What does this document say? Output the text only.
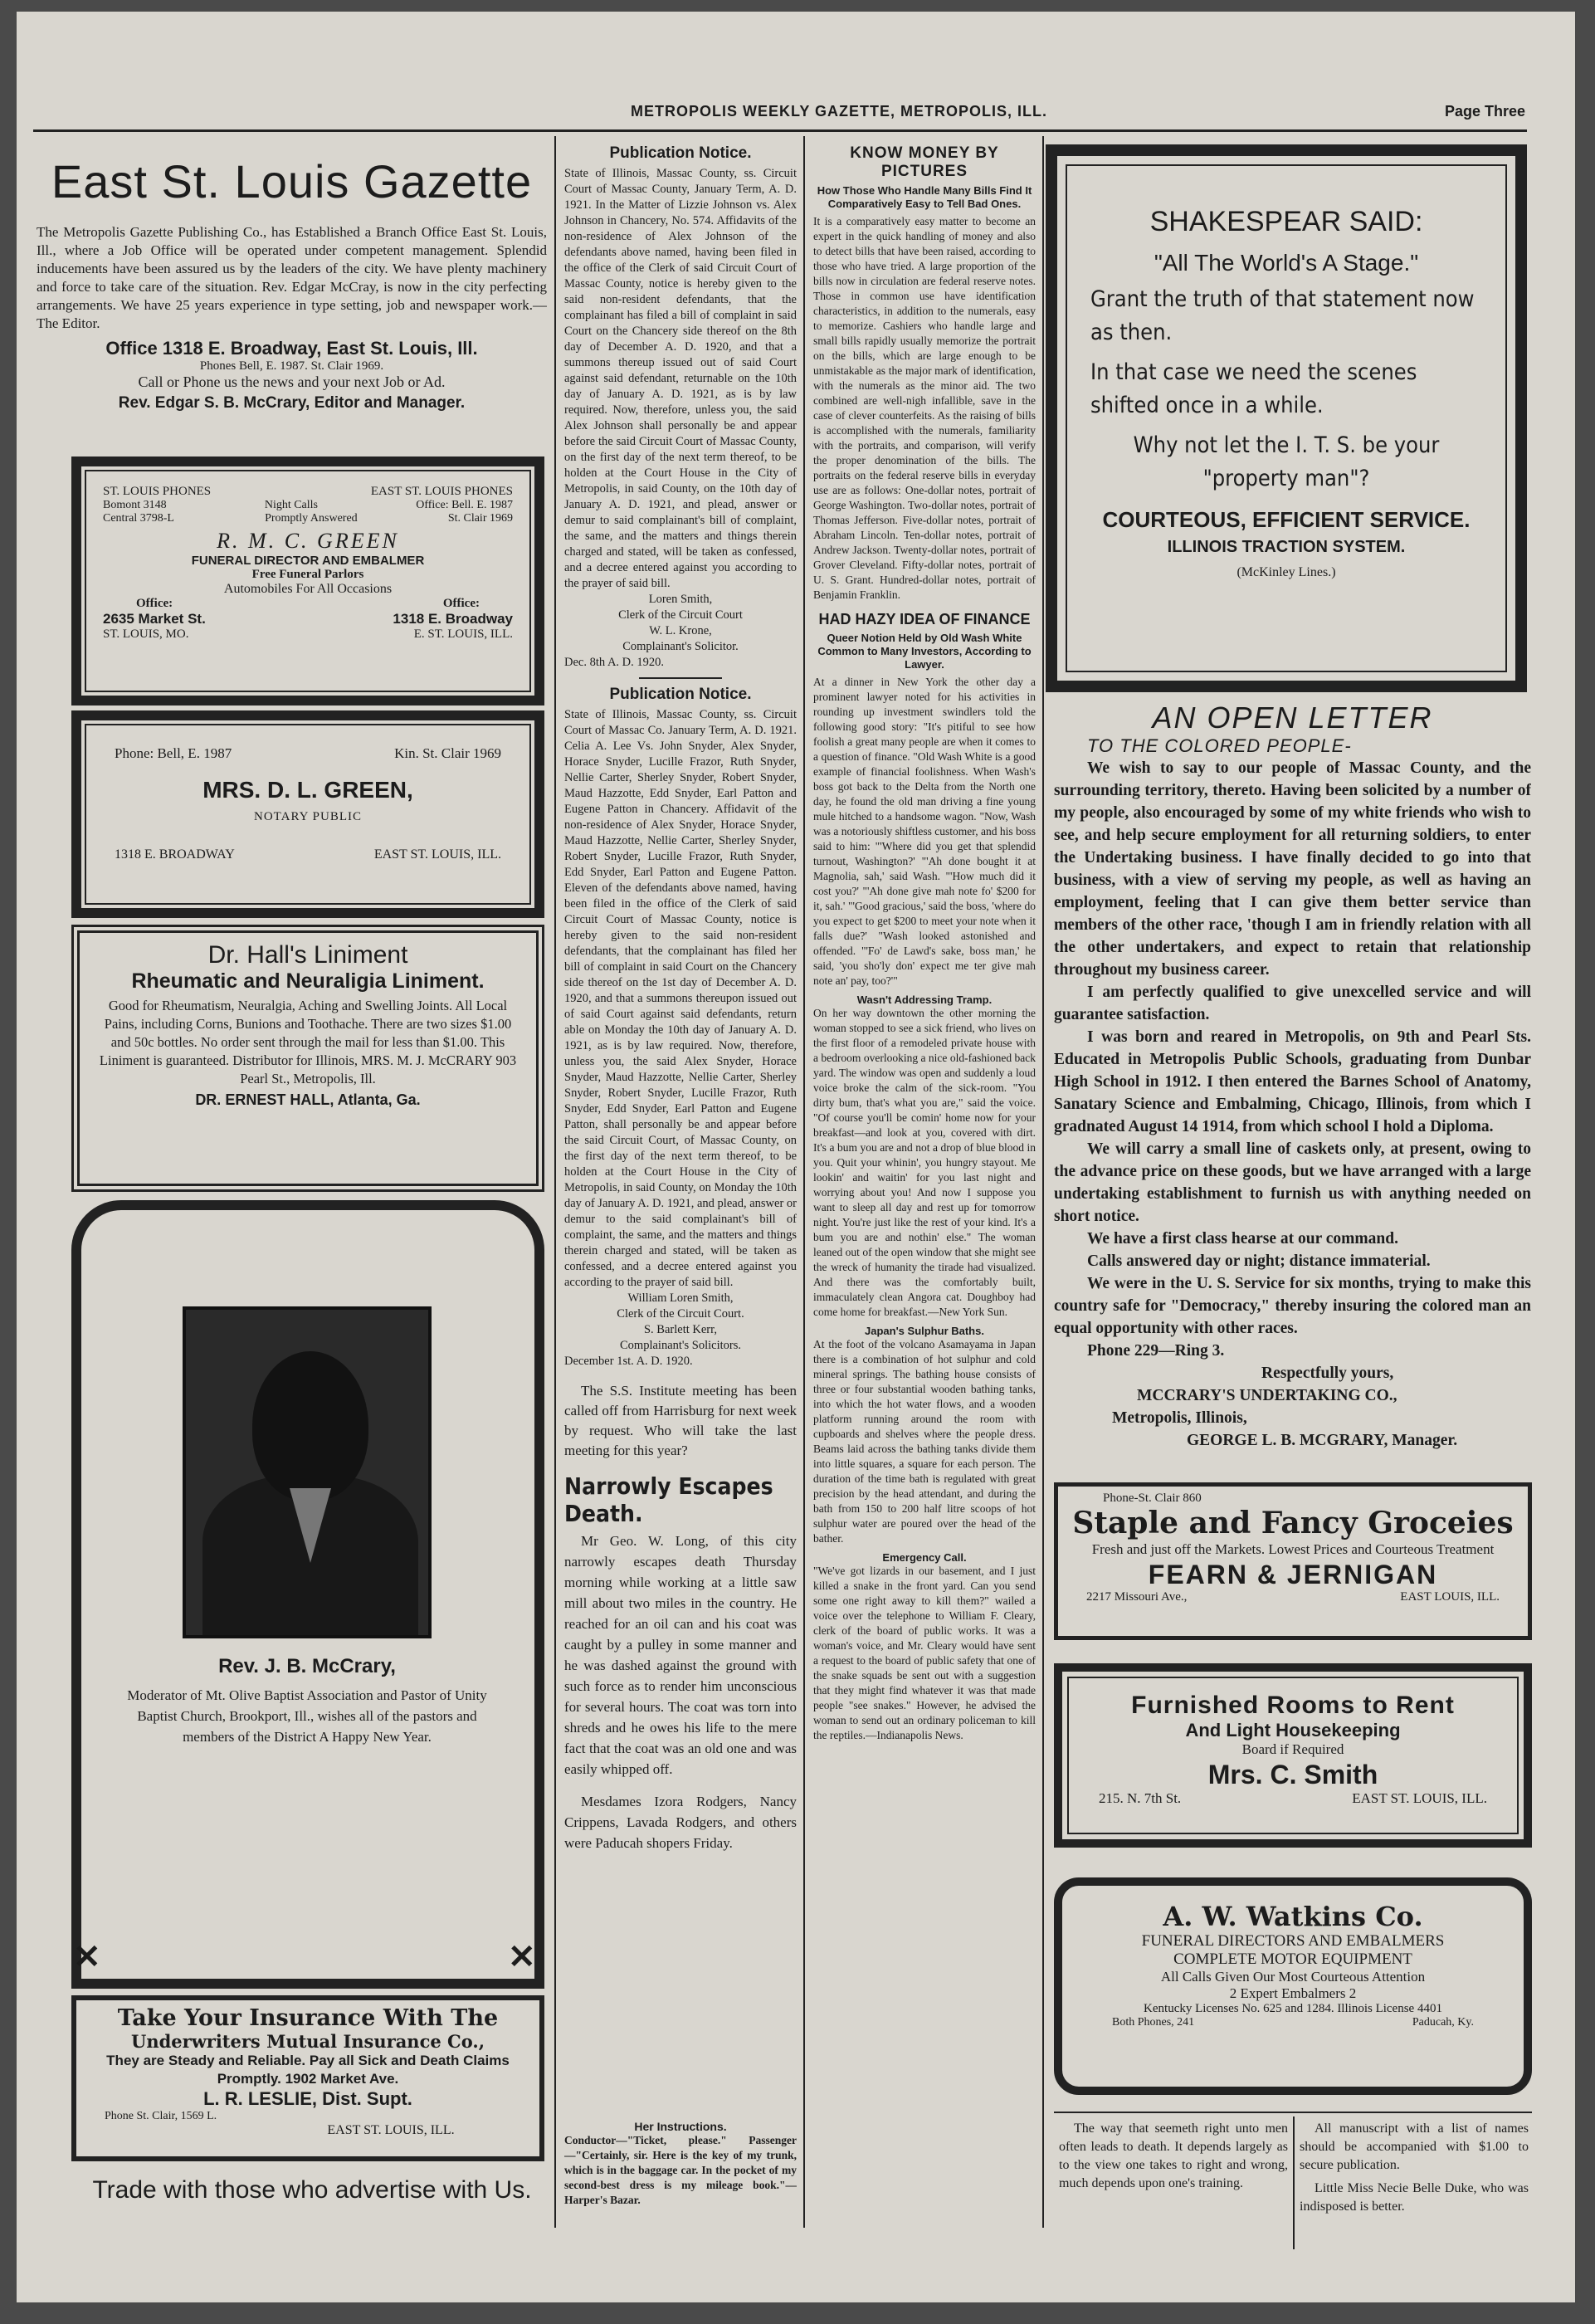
METROPOLIS WEEKLY GAZETTE, METROPOLIS, ILL.	Page Three
East St. Louis Gazette
The Metropolis Gazette Publishing Co., has Established a Branch Office East St. Louis, Ill., where a Job Office will be operated under competent management. Splendid inducements have been assured us by the leaders of the city. We have plenty machinery and force to take care of the situation. Rev. Edgar McCray, is now in the city perfecting arrangements. We have 25 years experience in type setting, job and newspaper work.—The Editor.
Office 1318 E. Broadway, East St. Louis, Ill.
Phones Bell, E. 1987. St. Clair 1969.
Call or Phone us the news and your next Job or Ad.
Rev. Edgar S. B. McCrary, Editor and Manager.
ST. LOUIS PHONES	EAST ST. LOUIS PHONES
Bomont 3148	Night Calls	Office: Bell. E. 1987
Central 3798-L	Promptly Answered	St. Clair 1969
R. M. C. GREEN
FUNERAL DIRECTOR AND EMBALMER
Free Funeral Parlors
Automobiles For All Occasions
Office:	Office:
2635 Market St.	1318 E. Broadway
ST. LOUIS, MO.	E. ST. LOUIS, ILL.
Phone: Bell, E. 1987	Kin. St. Clair 1969
MRS. D. L. GREEN,
NOTARY PUBLIC
1318 E. BROADWAY	EAST ST. LOUIS, ILL.
Dr. Hall's Liniment
Rheumatic and Neuraligia Liniment.
Good for Rheumatism, Neuralgia, Aching and Swelling Joints. All Local Pains, including Corns, Bunions and Toothache. There are two sizes $1.00 and 50c bottles. No order sent through the mail for less than $1.00. This Liniment is guaranteed. Distributor for Illinois, MRS. M. J. McCRARY 903 Pearl St., Metropolis, Ill.
DR. ERNEST HALL, Atlanta, Ga.
✕	✕
Rev. J. B. McCrary,
Moderator of Mt. Olive Baptist Association and Pastor of Unity Baptist Church, Brookport, Ill., wishes all of the pastors and members of the District A Happy New Year.
Take Your Insurance With The
Underwriters Mutual Insurance Co.,
They are Steady and Reliable. Pay all Sick and Death Claims Promptly. 1902 Market Ave.
L. R. LESLIE, Dist. Supt.
Phone St. Clair, 1569 L.
EAST ST. LOUIS, ILL.
Trade with those who advertise with Us.
Publication Notice.
State of Illinois, Massac County, ss. Circuit Court of Massac County, January Term, A. D. 1921. In the Matter of Lizzie Johnson vs. Alex Johnson in Chancery, No. 574. Affidavits of the non-residence of Alex Johnson of the defendants above named, having been filed in the office of the Clerk of said Circuit Court of Massac County, notice is hereby given to the said non-resident defendants, that the complainant has filed a bill of complaint in said Court on the Chancery side thereof on the 8th day of December A. D. 1920, and that a summons thereup issued out of said Court against said defendant, returnable on the 10th day of January A. D. 1921, as is by law required. Now, therefore, unless you, the said Alex Johnson shall personally be and appear before the said Circuit Court of Massac County, on the first day of the next term thereof, to be holden at the Court House in the City of Metropolis, in said County, on the 10th day of January A. D. 1921, and plead, answer or demur to said complainant's bill of complaint, the same, and the matters and things therein charged and stated, will be taken as confessed, and a decree entered against you according to the prayer of said bill.
Loren Smith,
Clerk of the Circuit Court
W. L. Krone,
Complainant's Solicitor.
Dec. 8th A. D. 1920.
Publication Notice.
State of Illinois, Massac County, ss. Circuit Court of Massac Co. January Term, A. D. 1921. Celia A. Lee Vs. John Snyder, Alex Snyder, Horace Snyder, Lucille Frazor, Ruth Snyder, Nellie Carter, Sherley Snyder, Robert Snyder, Maud Hazzotte, Edd Snyder, Earl Patton and Eugene Patton in Chancery. Affidavit of the non-residence of Alex Snyder, Horace Snyder, Maud Hazzotte, Nellie Carter, Sherley Snyder, Robert Snyder, Lucille Frazor, Ruth Snyder, Edd Snyder, Earl Patton and Eugene Patton. Eleven of the defendants above named, having been filed in the office of the Clerk of said Circuit Court of Massac County, notice is hereby given to the said non-resident defendants, that the complainant has filed her bill of complaint in said Court on the Chancery side thereof on the 1st day of December A. D. 1920, and that a summons thereupon issued out of said Court against said defendants, return able on Monday the 10th day of January A. D. 1921, as is by law required. Now, therefore, unless you, the said Alex Snyder, Horace Snyder, Maud Hazzotte, Nellie Carter, Sherley Snyder, Robert Snyder, Lucille Frazor, Ruth Snyder, Edd Snyder, Earl Patton and Eugene Patton, shall personally be and appear before the said Circuit Court, of Massac County, on the first day of the next term thereof, to be holden at the Court House in the City of Metropolis, in said County, on Monday the 10th day of January A. D. 1921, and plead, answer or demur to the said complainant's bill of complaint, the same, and the matters and things therein charged and stated, will be taken as confessed, and a decree entered against you according to the prayer of said bill.
William Loren Smith,
Clerk of the Circuit Court.
S. Barlett Kerr,
Complainant's Solicitors.
December 1st. A. D. 1920.
The S.S. Institute meeting has been called off from Harrisburg for next week by request. Who will take the last meeting for this year?
Narrowly Escapes Death.
Mr Geo. W. Long, of this city narrowly escapes death Thursday morning while working at a little saw mill about two miles in the country. He reached for an oil can and his coat was caught by a pulley in some manner and he was dashed against the ground with such force as to render him unconscious for several hours. The coat was torn into shreds and he owes his life to the mere fact that the coat was an old one and was easily whipped off.
Mesdames Izora Rodgers, Nancy Crippens, Lavada Rodgers, and others were Paducah shopers Friday.
Her Instructions.
Conductor—"Ticket, please." Passenger—"Certainly, sir. Here is the key of my trunk, which is in the baggage car. In the pocket of my second-best dress is my mileage book."—Harper's Bazar.
KNOW MONEY BY PICTURES
How Those Who Handle Many Bills Find It Comparatively Easy to Tell Bad Ones.
It is a comparatively easy matter to become an expert in the quick handling of money and also to detect bills that have been raised, according to those who have tried. A large proportion of the bills now in circulation are federal reserve notes. Those in common use have identification characteristics, in addition to the numerals, easy to memorize. Cashiers who handle large and small bills rapidly usually memorize the portrait on the bills, which are large enough to be unmistakable as the major mark of identification, with the numerals as the minor aid. The two combined are well-nigh infallible, save in the case of clever counterfeits. As the raising of bills is accomplished with the numerals, familiarity with the portraits, and comparison, will verify the proper denomination of the bills. The portraits on the federal reserve bills in everyday use are as follows: One-dollar notes, portrait of George Washington. Two-dollar notes, portrait of Thomas Jefferson. Five-dollar notes, portrait of Abraham Lincoln. Ten-dollar notes, portrait of Andrew Jackson. Twenty-dollar notes, portrait of Grover Cleveland. Fifty-dollar notes, portrait of U. S. Grant. Hundred-dollar notes, portrait of Benjamin Franklin.
HAD HAZY IDEA OF FINANCE
Queer Notion Held by Old Wash White Common to Many Investors, According to Lawyer.
At a dinner in New York the other day a prominent lawyer noted for his activities in rounding up investment swindlers told the following good story: "It's pitiful to see how foolish a great many people are when it comes to a question of finance. "Old Wash White is a good example of financial foolishness. When Wash's boss got back to the Delta from the North one day, he found the old man driving a fine young mule hitched to a handsome wagon. "Now, Wash was a notoriously shiftless customer, and his boss said to him: "'Where did you get that splendid turnout, Washington?' "'Ah done bought it at Magnolia, sah,' said Wash. "'How much did it cost you?' "'Ah done give mah note fo' $200 for it, sah.' "'Good gracious,' said the boss, 'where do you expect to get $200 to meet your note when it falls due?' "Wash looked astonished and offended. "'Fo' de Lawd's sake, boss man,' he said, 'you sho'ly don' expect me ter give mah note an' pay, too?'"
Wasn't Addressing Tramp.
On her way downtown the other morning the woman stopped to see a sick friend, who lives on the first floor of a remodeled private house with a bedroom overlooking a nice old-fashioned back yard. The window was open and suddenly a loud voice broke the calm of the sick-room. "You dirty bum, that's what you are," said the voice. "Of course you'll be comin' home now for your breakfast—and look at you, covered with dirt. It's a bum you are and not a drop of blue blood in you. Quit your whinin', you hungry stayout. Me lookin' and waitin' for you last night and worrying about you! And now I suppose you want to sleep all day and rest up for tomorrow night. You're just like the rest of your kind. It's a bum you are and nothin' else." The woman leaned out of the open window that she might see the wreck of humanity the tirade had visualized. And there was the comfortably built, immaculately clean Angora cat. Doughboy had come home for breakfast.—New York Sun.
Japan's Sulphur Baths.
At the foot of the volcano Asamayama in Japan there is a combination of hot sulphur and cold mineral springs. The bathing house consists of three or four substantial wooden bathing tanks, into which the hot water flows, and a wooden platform running around the room with cupboards and shelves where the people dress. Beams laid across the bathing tanks divide them into little squares, a square for each person. The duration of the time bath is regulated with great precision by the head attendant, and during the bath from 150 to 200 half litre scoops of hot sulphur water are poured over the head of the bather.
Emergency Call.
"We've got lizards in our basement, and I just killed a snake in the front yard. Can you send some one right away to kill them?" wailed a voice over the telephone to William F. Cleary, clerk of the board of public works. It was a woman's voice, and Mr. Cleary would have sent a request to the board of public safety that one of the snake squads be sent out with a suggestion that they might find whatever it was that made people "see snakes." However, he advised the woman to send out an ordinary policeman to kill the reptiles.—Indianapolis News.
SHAKESPEAR SAID:
"All The World's A Stage."
Grant the truth of that statement now as then.
In that case we need the scenes shifted once in a while.
Why not let the I. T. S. be your "property man"?
COURTEOUS, EFFICIENT SERVICE.
ILLINOIS TRACTION SYSTEM.
(McKinley Lines.)
AN OPEN LETTER
TO THE COLORED PEOPLE-
We wish to say to our people of Massac County, and the surrounding territory, thereto. Having been solicited by a number of my people, also encouraged by some of my white friends who wish to see, and help secure employment for all returning soldiers, to enter the Undertaking business. I have finally decided to go into that business, with a view of serving my people, as well as having an employment, feeling that I can give them better service than members of the other race, 'though I am in friendly relation with all the other undertakers, and expect to retain that relationship throughout my business career.
I am perfectly qualified to give unexcelled service and will guarantee satisfaction.
I was born and reared in Metropolis, on 9th and Pearl Sts. Educated in Metropolis Public Schools, graduating from Dunbar High School in 1912. I then entered the Barnes School of Anatomy, Sanatary Science and Embalming, Chicago, Illinois, from which I gradnated August 14 1914, from which school I hold a Diploma.
We will carry a small line of caskets only, at present, owing to the advance price on these goods, but we have arranged with a large undertaking establishment to furnish us with anything needed on short notice.
We have a first class hearse at our command.
Calls answered day or night; distance immaterial.
We were in the U. S. Service for six months, trying to make this country safe for "Democracy," thereby insuring the colored man an equal opportunity with other races.
Phone 229—Ring 3.
Respectfully yours,
MCCRARY'S UNDERTAKING CO.,
Metropolis, Illinois,
GEORGE L. B. MCGRARY, Manager.
Phone-St. Clair 860
Staple and Fancy Groceies
Fresh and just off the Markets. Lowest Prices and Courteous Treatment
FEARN & JERNIGAN
2217 Missouri Ave.,	EAST LOUIS, ILL.
Furnished Rooms to Rent
And Light Housekeeping
Board if Required
Mrs. C. Smith
215. N. 7th St.	EAST ST. LOUIS, ILL.
A. W. Watkins Co.
FUNERAL DIRECTORS AND EMBALMERS
COMPLETE MOTOR EQUIPMENT
All Calls Given Our Most Courteous Attention
2 Expert Embalmers 2
Kentucky Licenses No. 625 and 1284. Illinois License 4401
Both Phones, 241	Paducah, Ky.
The way that seemeth right unto men often leads to death. It depends largely as to the view one takes to right and wrong, much depends upon one's training.
All manuscript with a list of names should be accompanied with $1.00 to secure publication.
Little Miss Necie Belle Duke, who was indisposed is better.
